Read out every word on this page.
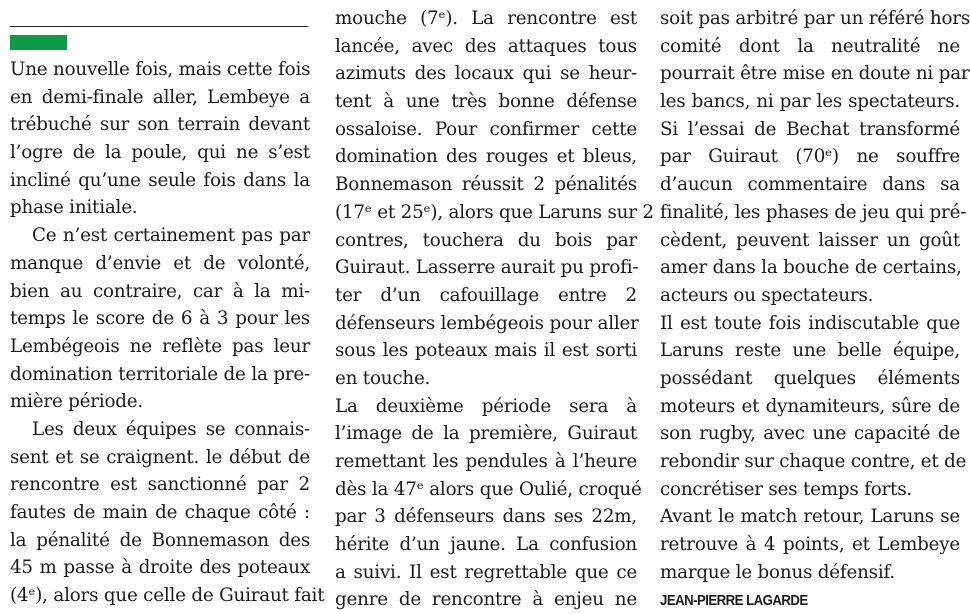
Une nouvelle fois, mais cette fois
en demi-finale aller, Lembeye a
trébuché sur son terrain devant
l’ogre de la poule, qui ne s’est
incliné qu’une seule fois dans la
phase initiale.
Ce n’est certainement pas par
manque d’envie et de volonté,
bien au contraire, car à la mi-
temps le score de 6 à 3 pour les
Lembégeois ne reflète pas leur
domination territoriale de la pre-
mière période.
Les deux équipes se connais-
sent et se craignent. le début de
rencontre est sanctionné par 2
fautes de main de chaque côté :
la pénalité de Bonnemason des
45 m passe à droite des poteaux
(4ᵉ), alors que celle de Guiraut fait
mouche (7ᵉ). La rencontre est
lancée, avec des attaques tous
azimuts des locaux qui se heur-
tent à une très bonne défense
ossaloise. Pour confirmer cette
domination des rouges et bleus,
Bonnemason réussit 2 pénalités
(17ᵉ et 25ᵉ), alors que Laruns sur 2
contres, touchera du bois par
Guiraut. Lasserre aurait pu profi-
ter d’un cafouillage entre 2
défenseurs lembégeois pour aller
sous les poteaux mais il est sorti
en touche.
La deuxième période sera à
l’image de la première, Guiraut
remettant les pendules à l’heure
dès la 47ᵉ alors que Oulié, croqué
par 3 défenseurs dans ses 22m,
hérite d’un jaune. La confusion
a suivi. Il est regrettable que ce
genre de rencontre à enjeu ne
soit pas arbitré par un référé hors
comité dont la neutralité ne
pourrait être mise en doute ni par
les bancs, ni par les spectateurs.
Si l’essai de Bechat transformé
par Guiraut (70ᵉ) ne souffre
d’aucun commentaire dans sa
finalité, les phases de jeu qui pré-
cèdent, peuvent laisser un goût
amer dans la bouche de certains,
acteurs ou spectateurs.
Il est toute fois indiscutable que
Laruns reste une belle équipe,
possédant quelques éléments
moteurs et dynamiteurs, sûre de
son rugby, avec une capacité de
rebondir sur chaque contre, et de
concrétiser ses temps forts.
Avant le match retour, Laruns se
retrouve à 4 points, et Lembeye
marque le bonus défensif.
JEAN-PIERRE LAGARDE
